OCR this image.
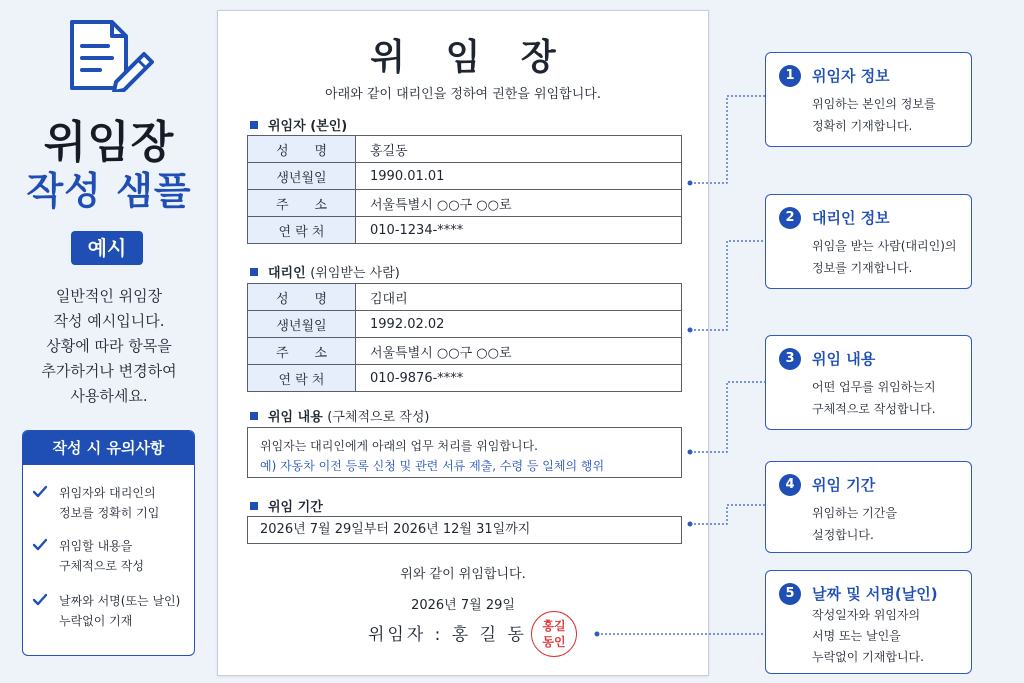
위임장
작성 샘플
예시
일반적인 위임장
작성 예시입니다.
상황에 따라 항목을
추가하거나 변경하여
사용하세요.
작성 시 유의사항
위임자와 대리인의
정보를 정확히 기입
위임할 내용을
구체적으로 작성
날짜와 서명(또는 날인)
누락없이 기재
위 임 장
아래와 같이 대리인을 정하여 권한을 위임합니다.
위임자 (본인)
성　　명	홍길동
생년월일	1990.01.01
주　　소	서울특별시 ○○구 ○○로
연 락 처	010-1234-****
대리인 (위임받는 사람)
성　　명	김대리
생년월일	1992.02.02
주　　소	서울특별시 ○○구 ○○로
연 락 처	010-9876-****
위임 내용 (구체적으로 작성)
위임자는 대리인에게 아래의 업무 처리를 위임합니다.
예) 자동차 이전 등록 신청 및 관련 서류 제출, 수령 등 일체의 행위
위임 기간
2026년 7월 29일부터 2026년 12월 31일까지
위와 같이 위임합니다.
2026년 7월 29일
위임자 : 홍 길 동	홍길
동인
1	위임자 정보
위임하는 본인의 정보를
정확히 기재합니다.
2	대리인 정보
위임을 받는 사람(대리인)의
정보를 기재합니다.
3	위임 내용
어떤 업무를 위임하는지
구체적으로 작성합니다.
4	위임 기간
위임하는 기간을
설정합니다.
5	날짜 및 서명(날인)
작성일자와 위임자의
서명 또는 날인을
누락없이 기재합니다.
